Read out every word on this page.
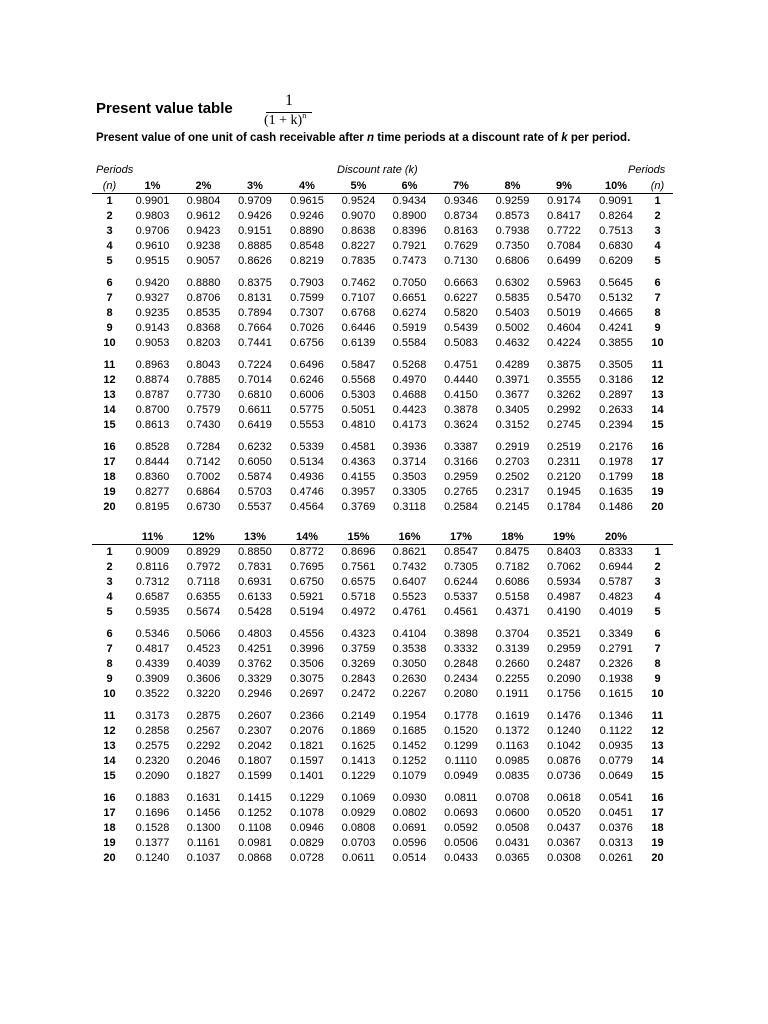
Present value table	1
$(1 + k)^n$
Present value of one unit of cash receivable after n time periods at a discount rate of k per period.
Periods	Discount rate (k)	Periods
(n)	1%	2%	3%	4%	5%	6%	7%	8%	9%	10%	(n)
1	0.9901	0.9804	0.9709	0.9615	0.9524	0.9434	0.9346	0.9259	0.9174	0.9091	1
2	0.9803	0.9612	0.9426	0.9246	0.9070	0.8900	0.8734	0.8573	0.8417	0.8264	2
3	0.9706	0.9423	0.9151	0.8890	0.8638	0.8396	0.8163	0.7938	0.7722	0.7513	3
4	0.9610	0.9238	0.8885	0.8548	0.8227	0.7921	0.7629	0.7350	0.7084	0.6830	4
5	0.9515	0.9057	0.8626	0.8219	0.7835	0.7473	0.7130	0.6806	0.6499	0.6209	5
6	0.9420	0.8880	0.8375	0.7903	0.7462	0.7050	0.6663	0.6302	0.5963	0.5645	6
7	0.9327	0.8706	0.8131	0.7599	0.7107	0.6651	0.6227	0.5835	0.5470	0.5132	7
8	0.9235	0.8535	0.7894	0.7307	0.6768	0.6274	0.5820	0.5403	0.5019	0.4665	8
9	0.9143	0.8368	0.7664	0.7026	0.6446	0.5919	0.5439	0.5002	0.4604	0.4241	9
10	0.9053	0.8203	0.7441	0.6756	0.6139	0.5584	0.5083	0.4632	0.4224	0.3855	10
11	0.8963	0.8043	0.7224	0.6496	0.5847	0.5268	0.4751	0.4289	0.3875	0.3505	11
12	0.8874	0.7885	0.7014	0.6246	0.5568	0.4970	0.4440	0.3971	0.3555	0.3186	12
13	0.8787	0.7730	0.6810	0.6006	0.5303	0.4688	0.4150	0.3677	0.3262	0.2897	13
14	0.8700	0.7579	0.6611	0.5775	0.5051	0.4423	0.3878	0.3405	0.2992	0.2633	14
15	0.8613	0.7430	0.6419	0.5553	0.4810	0.4173	0.3624	0.3152	0.2745	0.2394	15
16	0.8528	0.7284	0.6232	0.5339	0.4581	0.3936	0.3387	0.2919	0.2519	0.2176	16
17	0.8444	0.7142	0.6050	0.5134	0.4363	0.3714	0.3166	0.2703	0.2311	0.1978	17
18	0.8360	0.7002	0.5874	0.4936	0.4155	0.3503	0.2959	0.2502	0.2120	0.1799	18
19	0.8277	0.6864	0.5703	0.4746	0.3957	0.3305	0.2765	0.2317	0.1945	0.1635	19
20	0.8195	0.6730	0.5537	0.4564	0.3769	0.3118	0.2584	0.2145	0.1784	0.1486	20
	11%	12%	13%	14%	15%	16%	17%	18%	19%	20%	
1	0.9009	0.8929	0.8850	0.8772	0.8696	0.8621	0.8547	0.8475	0.8403	0.8333	1
2	0.8116	0.7972	0.7831	0.7695	0.7561	0.7432	0.7305	0.7182	0.7062	0.6944	2
3	0.7312	0.7118	0.6931	0.6750	0.6575	0.6407	0.6244	0.6086	0.5934	0.5787	3
4	0.6587	0.6355	0.6133	0.5921	0.5718	0.5523	0.5337	0.5158	0.4987	0.4823	4
5	0.5935	0.5674	0.5428	0.5194	0.4972	0.4761	0.4561	0.4371	0.4190	0.4019	5
6	0.5346	0.5066	0.4803	0.4556	0.4323	0.4104	0.3898	0.3704	0.3521	0.3349	6
7	0.4817	0.4523	0.4251	0.3996	0.3759	0.3538	0.3332	0.3139	0.2959	0.2791	7
8	0.4339	0.4039	0.3762	0.3506	0.3269	0.3050	0.2848	0.2660	0.2487	0.2326	8
9	0.3909	0.3606	0.3329	0.3075	0.2843	0.2630	0.2434	0.2255	0.2090	0.1938	9
10	0.3522	0.3220	0.2946	0.2697	0.2472	0.2267	0.2080	0.1911	0.1756	0.1615	10
11	0.3173	0.2875	0.2607	0.2366	0.2149	0.1954	0.1778	0.1619	0.1476	0.1346	11
12	0.2858	0.2567	0.2307	0.2076	0.1869	0.1685	0.1520	0.1372	0.1240	0.1122	12
13	0.2575	0.2292	0.2042	0.1821	0.1625	0.1452	0.1299	0.1163	0.1042	0.0935	13
14	0.2320	0.2046	0.1807	0.1597	0.1413	0.1252	0.1110	0.0985	0.0876	0.0779	14
15	0.2090	0.1827	0.1599	0.1401	0.1229	0.1079	0.0949	0.0835	0.0736	0.0649	15
16	0.1883	0.1631	0.1415	0.1229	0.1069	0.0930	0.0811	0.0708	0.0618	0.0541	16
17	0.1696	0.1456	0.1252	0.1078	0.0929	0.0802	0.0693	0.0600	0.0520	0.0451	17
18	0.1528	0.1300	0.1108	0.0946	0.0808	0.0691	0.0592	0.0508	0.0437	0.0376	18
19	0.1377	0.1161	0.0981	0.0829	0.0703	0.0596	0.0506	0.0431	0.0367	0.0313	19
20	0.1240	0.1037	0.0868	0.0728	0.0611	0.0514	0.0433	0.0365	0.0308	0.0261	20
